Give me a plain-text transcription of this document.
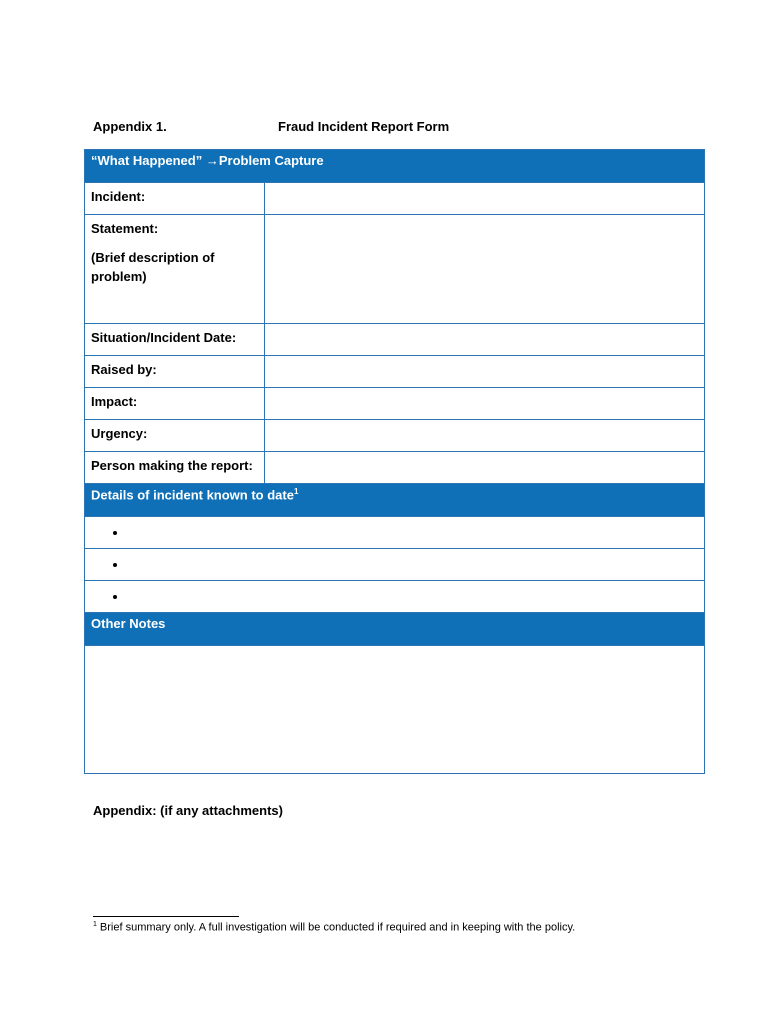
Appendix 1.	Fraud Incident Report Form
“What Happened” →Problem Capture	
Incident:	
Statement:
(Brief description of problem)	

Situation/Incident Date:	
Raised by:	
Impact:	
Urgency:	
Person making the report:	
Details of incident known to date$^1$

Other Notes	

Appendix: (if any attachments)
$^1$ Brief summary only. A full investigation will be conducted if required and in keeping with the policy.
